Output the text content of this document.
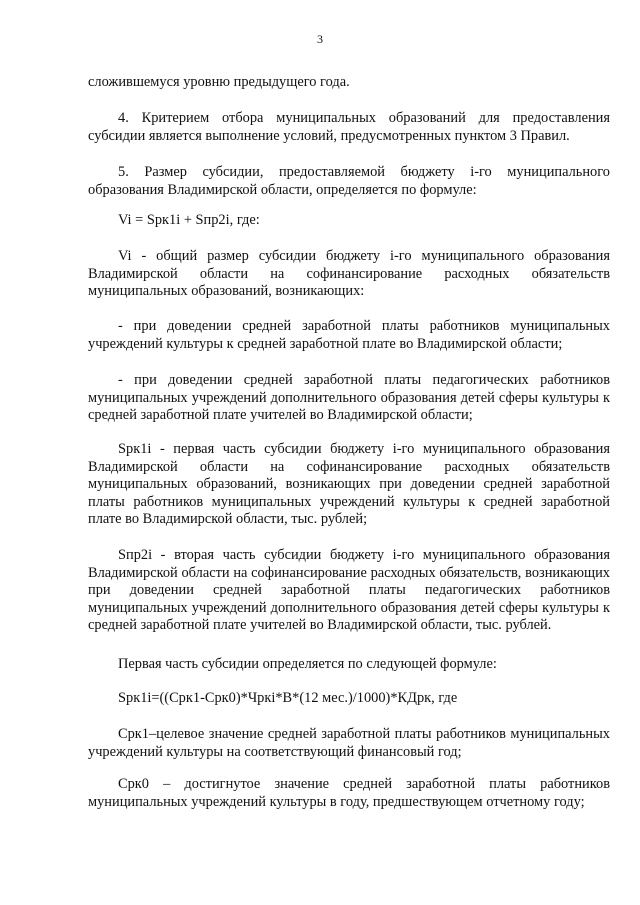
3

сложившемуся уровню предыдущего года.

4. Критерием отбора муниципальных образований для предоставления субсидии является выполнение условий, предусмотренных пунктом 3 Правил.

5. Размер субсидии, предоставляемой бюджету i-го муниципального образования Владимирской области, определяется по формуле:

Vi = Sрк1i + Sпр2i, где:

Vi - общий размер субсидии бюджету i-го муниципального образования Владимирской области на софинансирование расходных обязательств муниципальных образований, возникающих:

- при доведении средней заработной платы работников муниципальных учреждений культуры к средней заработной плате во Владимирской области;

- при доведении средней заработной платы педагогических работников муниципальных учреждений дополнительного образования детей сферы культуры к средней заработной плате учителей во Владимирской области;

Sрк1i - первая часть субсидии бюджету i-го муниципального образования Владимирской области на софинансирование расходных обязательств муниципальных образований, возникающих при доведении средней заработной платы работников муниципальных учреждений культуры к средней заработной плате во Владимирской области, тыс. рублей;

Sпр2i - вторая часть субсидии бюджету i-го муниципального образования Владимирской области на софинансирование расходных обязательств, возникающих при доведении средней заработной платы педагогических работников муниципальных учреждений дополнительного образования детей сферы культуры к средней заработной плате учителей во Владимирской области, тыс. рублей.

Первая часть субсидии определяется по следующей формуле:

Sрк1i=((Срк1-Срк0)*Чркi*В*(12 мес.)/1000)*КДрк, где

Срк1–целевое значение средней заработной платы работников муниципальных учреждений культуры на соответствующий финансовый год;

Срк0 – достигнутое значение средней заработной платы работников муниципальных учреждений культуры в году, предшествующем отчетному году;
